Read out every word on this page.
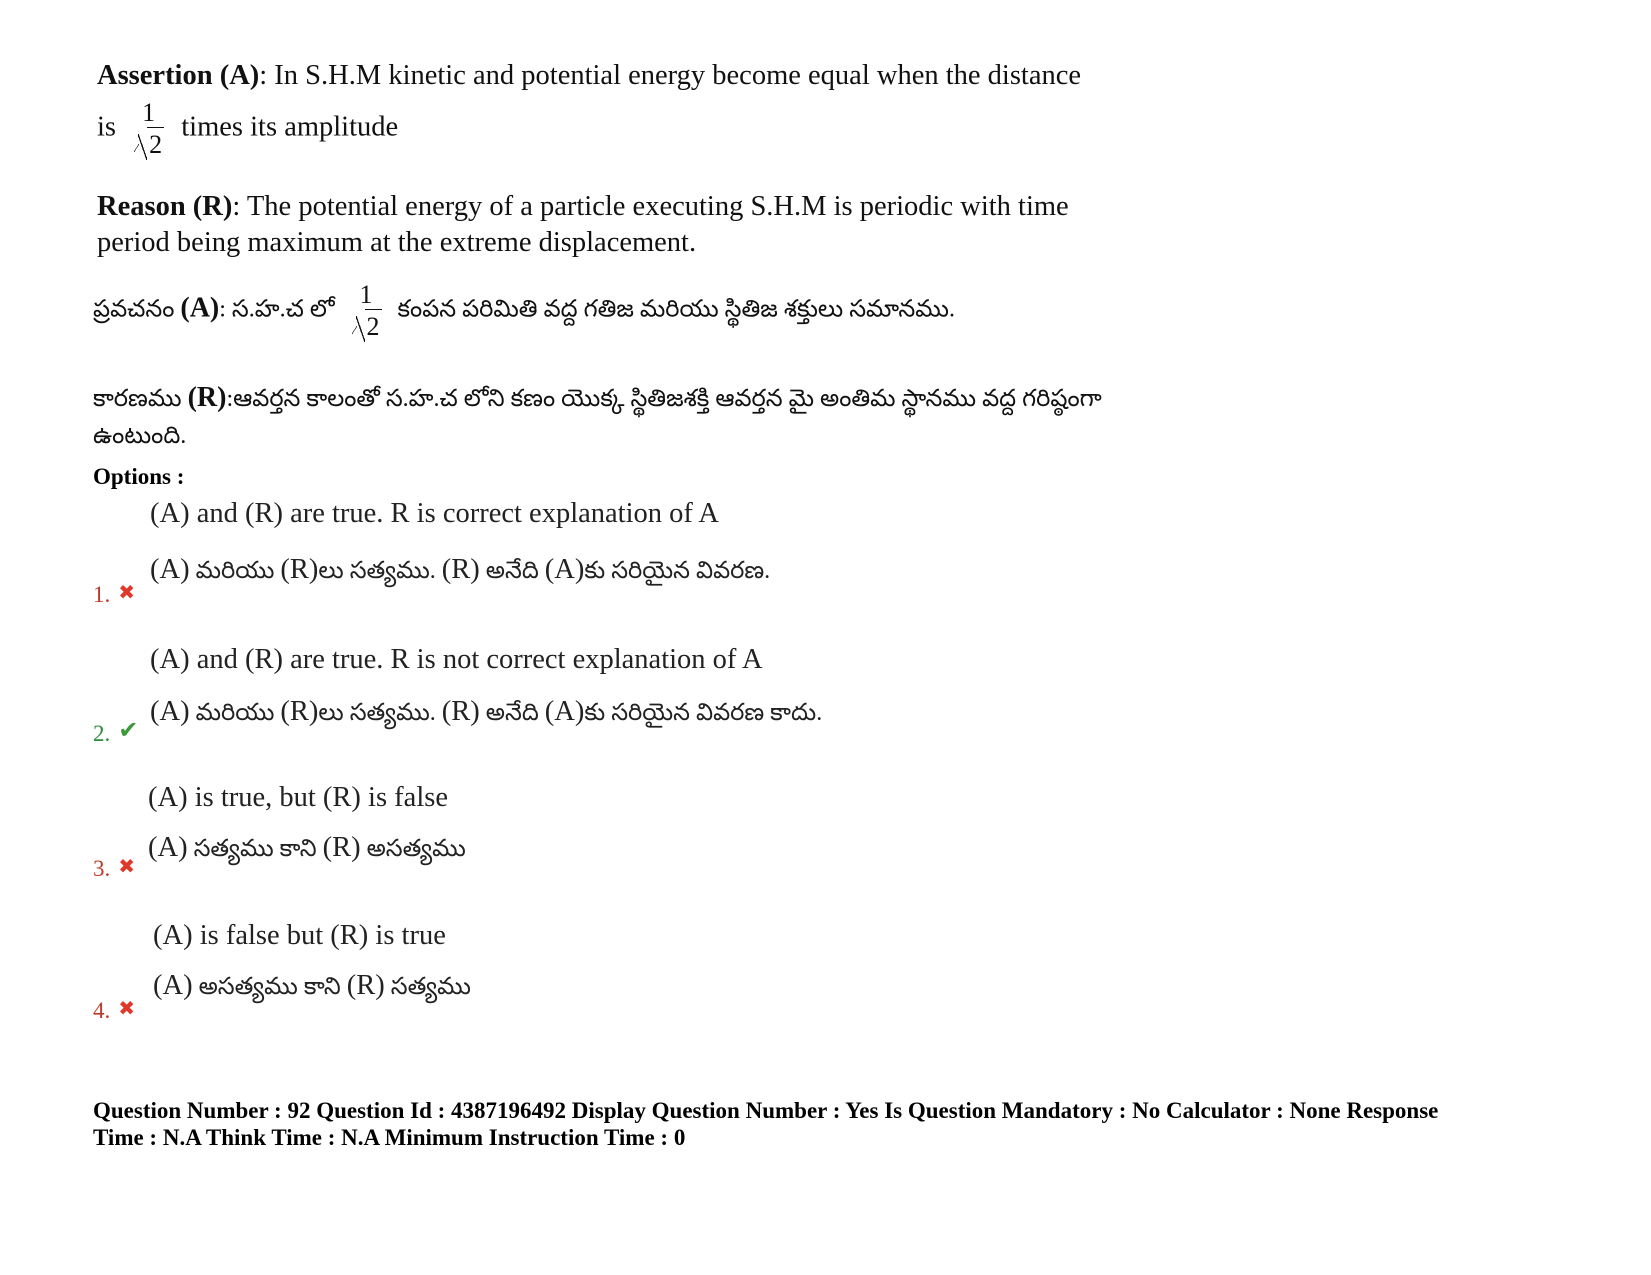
Assertion (A): In S.H.M kinetic and potential energy become equal when the distance
is	1
2
times its amplitude
Reason (R): The potential energy of a particle executing S.H.M is periodic with time
period being maximum at the extreme displacement.
ప్రవచనం (A): స.హ.చ లో
1
2
కంపన పరిమితి వద్ద గతిజ మరియు స్థితిజ శక్తులు సమానము.
కారణము (R):ఆవర్తన కాలంతో స.హ.చ లోని కణం యొక్క స్థితిజశక్తి ఆవర్తన మై అంతిమ స్థానము వద్ద గరిష్ఠంగా
ఉంటుంది.
Options :
(A) and (R) are true. R is correct explanation of A
(A) మరియు (R)లు సత్యము. (R) అనేది (A)కు సరియైన వివరణ.
1. ✖
(A) and (R) are true. R is not correct explanation of A
(A) మరియు (R)లు సత్యము. (R) అనేది (A)కు సరియైన వివరణ కాదు.
2. ✔
(A) is true, but (R) is false
(A) సత్యము కాని (R) అసత్యము
3. ✖
(A) is false but (R) is true
(A) అసత్యము కాని (R) సత్యము
4. ✖
Question Number : 92 Question Id : 4387196492 Display Question Number : Yes Is Question Mandatory : No Calculator : None Response
Time : N.A Think Time : N.A Minimum Instruction Time : 0
